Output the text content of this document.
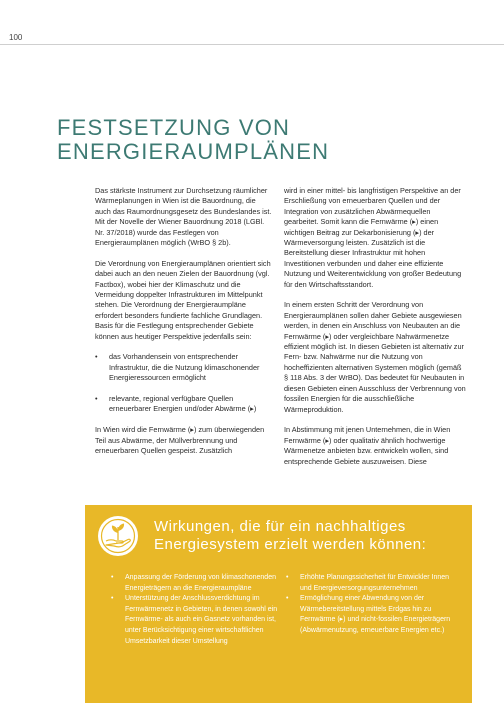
100
FESTSETZUNG VON
ENERGIERAUMPLÄNEN

Das stärkste Instrument zur Durchsetzung räumlicher Wärmeplanungen in Wien ist die Bauordnung, die auch das Raumordnungsgesetz des Bundeslandes ist. Mit der Novelle der Wiener Bauordnung 2018 (LGBl. Nr. 37/2018) wurde das Festlegen von Energieraumplänen möglich (WrBO § 2b).

Die Verordnung von Energieraumplänen orientiert sich dabei auch an den neuen Zielen der Bauordnung (vgl. Factbox), wobei hier der Klimaschutz und die Vermeidung doppelter Infrastrukturen im Mittelpunkt stehen. Die Verordnung der Energieraumpläne erfordert besonders fundierte fachliche Grundlagen. Basis für die Festlegung entsprechender Gebiete können aus heutiger Perspektive jedenfalls sein:

• das Vorhandensein von entsprechender Infrastruktur, die die Nutzung klimaschonender Energieressourcen ermöglicht
• relevante, regional verfügbare Quellen erneuerbarer Energien und/oder Abwärme (▸)

In Wien wird die Fernwärme (▸) zum überwiegenden Teil aus Abwärme, der Müllverbrennung und erneuerbaren Quellen gespeist. Zusätzlich

wird in einer mittel- bis langfristigen Perspektive an der Erschließung von erneuerbaren Quellen und der Integration von zusätzlichen Abwärmequellen gearbeitet. Somit kann die Fernwärme (▸) einen wichtigen Beitrag zur Dekarbonisierung (▸) der Wärmeversorgung leisten. Zusätzlich ist die Bereitstellung dieser Infrastruktur mit hohen Investitionen verbunden und daher eine effiziente Nutzung und Weiterentwicklung von großer Bedeutung für den Wirtschaftsstandort.

In einem ersten Schritt der Verordnung von Energieraumplänen sollen daher Gebiete ausgewiesen werden, in denen ein Anschluss von Neubauten an die Fernwärme (▸) oder vergleichbare Nahwärmenetze effizient möglich ist. In diesen Gebieten ist alternativ zur Fern- bzw. Nahwärme nur die Nutzung von hocheffizienten alternativen Systemen möglich (gemäß § 118 Abs. 3 der WrBO). Das bedeutet für Neubauten in diesen Gebieten einen Ausschluss der Verbrennung von fossilen Energien für die ausschließliche Wärmeproduktion.

In Abstimmung mit jenen Unternehmen, die in Wien Fernwärme (▸) oder qualitativ ähnlich hochwertige Wärmenetze anbieten bzw. entwickeln wollen, sind entsprechende Gebiete auszuweisen. Diese

Wirkungen, die für ein nachhaltiges
Energiesystem erzielt werden können:
• Anpassung der Förderung von klimaschonenden Energieträgern an die Energieraumpläne
• Unterstützung der Anschlussverdichtung im Fernwärmenetz in Gebieten, in denen sowohl ein Fernwärme- als auch ein Gasnetz vorhanden ist, unter Berücksichtigung einer wirtschaftlichen Umsetzbarkeit dieser Umstellung
• Erhöhte Planungssicherheit für Entwickler Innen und Energieversorgungsunternehmen
• Ermöglichung einer Abwendung von der Wärmebereitstellung mittels Erdgas hin zu Fernwärme (▸) und nicht-fossilen Energieträgern (Abwärmenutzung, erneuerbare Energien etc.)
